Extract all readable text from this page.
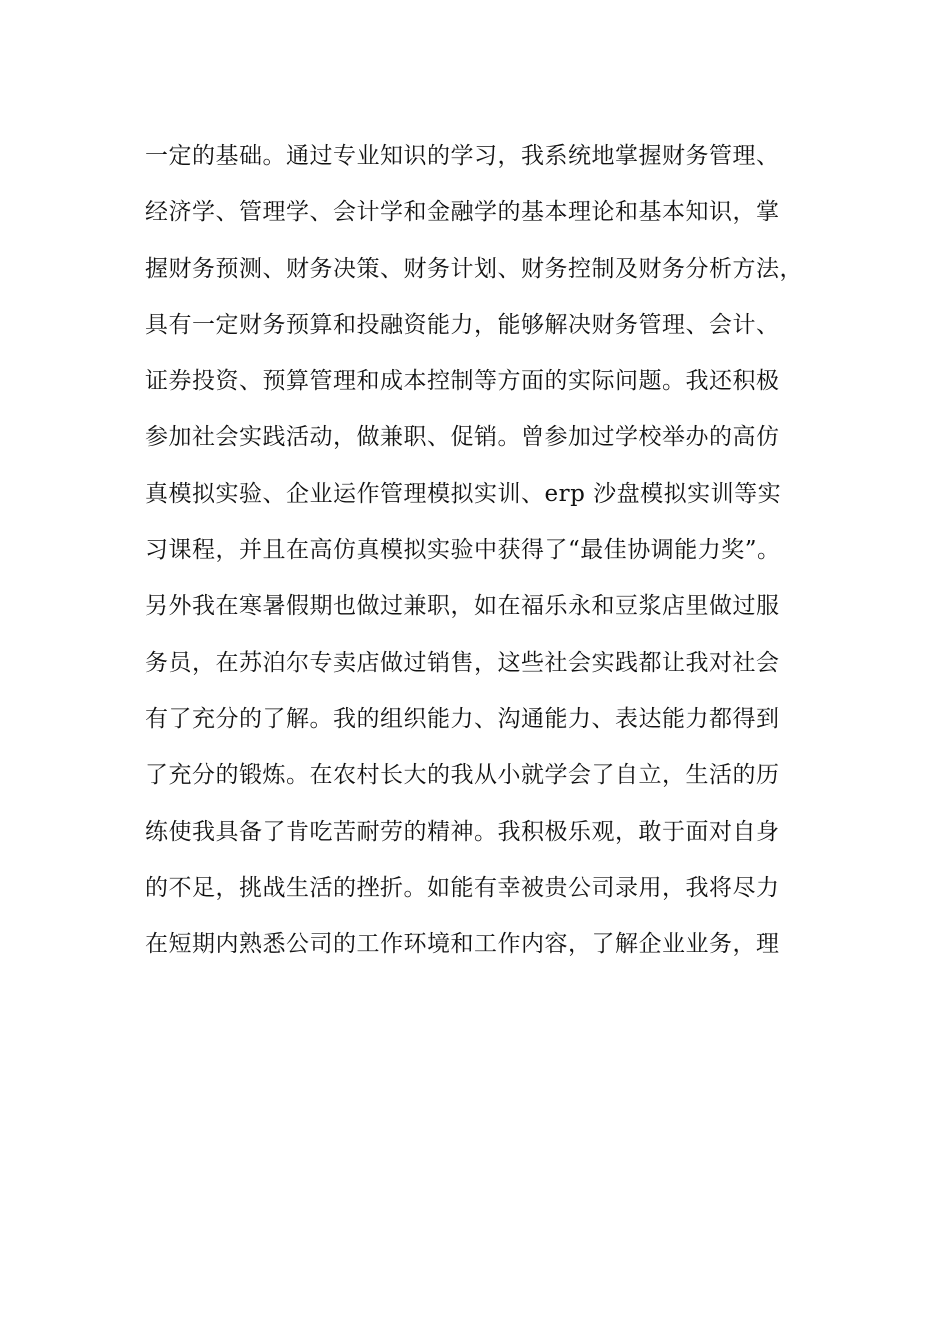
一定的基础。通过专业知识的学习，我系统地掌握财务管理、
经济学、管理学、会计学和金融学的基本理论和基本知识，掌
握财务预测、财务决策、财务计划、财务控制及财务分析方法，
具有一定财务预算和投融资能力，能够解决财务管理、会计、
证券投资、预算管理和成本控制等方面的实际问题。我还积极
参加社会实践活动，做兼职、促销。曾参加过学校举办的高仿
真模拟实验、企业运作管理模拟实训、erp 沙盘模拟实训等实
习课程，并且在高仿真模拟实验中获得了“最佳协调能力奖”。
另外我在寒暑假期也做过兼职，如在福乐永和豆浆店里做过服
务员，在苏泊尔专卖店做过销售，这些社会实践都让我对社会
有了充分的了解。我的组织能力、沟通能力、表达能力都得到
了充分的锻炼。在农村长大的我从小就学会了自立，生活的历
练使我具备了肯吃苦耐劳的精神。我积极乐观，敢于面对自身
的不足，挑战生活的挫折。如能有幸被贵公司录用，我将尽力
在短期内熟悉公司的工作环境和工作内容，了解企业业务，理
